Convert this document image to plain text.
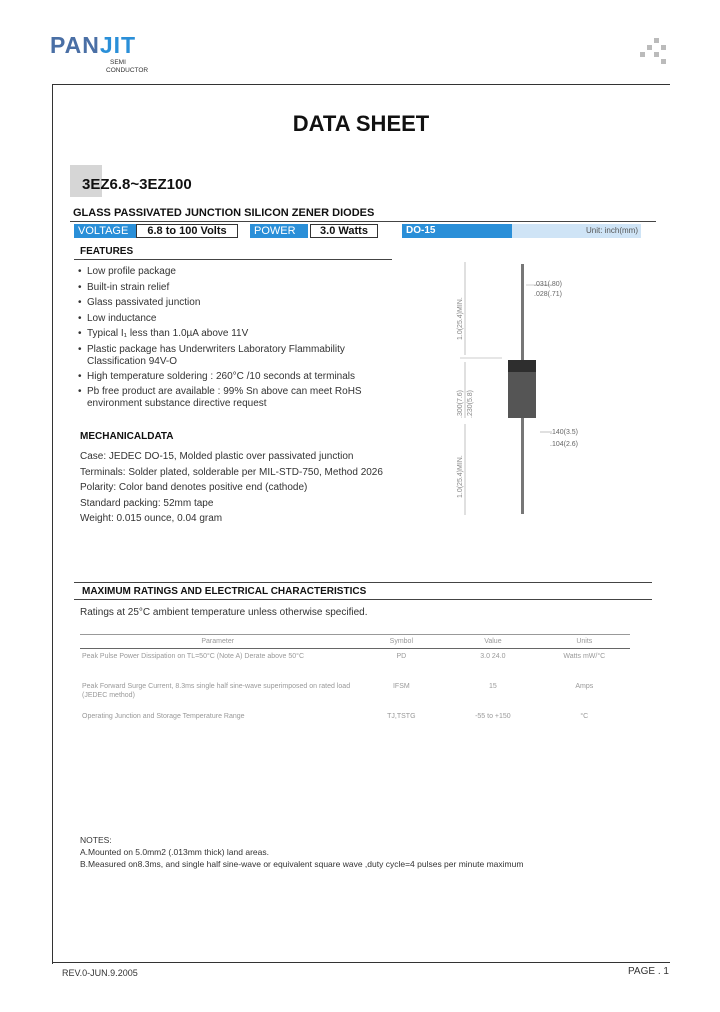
PANJIT
SEMI
CONDUCTOR
DATA SHEET
3EZ6.8~3EZ100
GLASS PASSIVATED JUNCTION SILICON ZENER DIODES
VOLTAGE	6.8 to 100 Volts	POWER	3.0 Watts	DO-15	Unit: inch(mm)
FEATURES

• Low profile package

• Built-in strain relief

• Glass passivated junction

• Low inductance

• Typical I₁ less than 1.0µA above 11V

• Plastic package has Underwriters Laboratory Flammability Classification 94V-O

• High temperature soldering : 260°C /10 seconds at terminals

• Pb free product are available : 99% Sn above can meet RoHS environment substance directive request

MECHANICALDATA
Case: JEDEC DO-15, Molded plastic over passivated junction
Terminals: Solder plated, solderable per MIL-STD-750, Method 2026
Polarity: Color band denotes positive end (cathode)
Standard packing: 52mm tape
Weight: 0.015 ounce, 0.04 gram
.031(.80)
.028(.71)
1.0(25.4)MIN.
.300(7.6) .230(5.8)
.140(3.5)
.104(2.6)
1.0(25.4)MIN.
MAXIMUM RATINGS AND ELECTRICAL CHARACTERISTICS
Ratings at 25°C ambient temperature unless otherwise specified.
Parameter	Symbol	Value	Units
Peak Pulse Power Dissipation on TL=50°C (Note A) Derate above 50°C	PD	3.0 24.0	Watts mW/°C
Peak Forward Surge Current, 8.3ms single half sine-wave superimposed on rated load (JEDEC method)	IFSM	15	Amps
Operating Junction and Storage Temperature Range	TJ,TSTG	-55 to +150	°C
NOTES:
A.Mounted on 5.0mm2 (.013mm thick) land areas.
B.Measured on8.3ms, and single half sine-wave or equivalent square wave ,duty cycle=4 pulses per minute maximum
REV.0-JUN.9.2005	PAGE . 1
